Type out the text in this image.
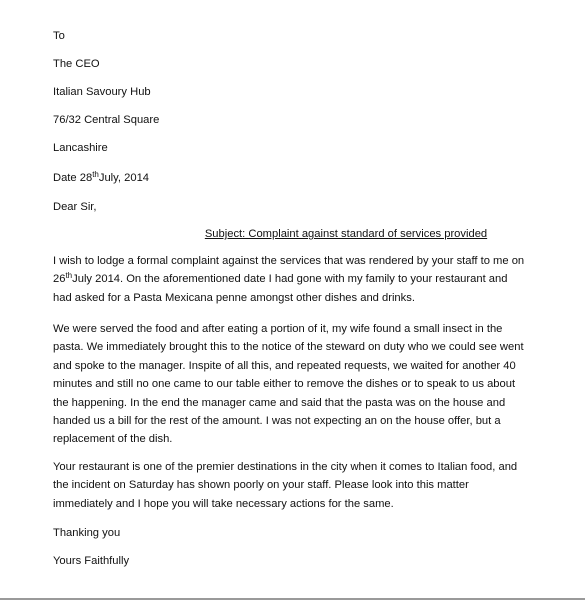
To
The CEO
Italian Savoury Hub
76/32 Central Square
Lancashire
Date 28thJuly, 2014
Dear Sir,
Subject: Complaint against standard of services provided
I wish to lodge a formal complaint against the services that was rendered by your staff to me on
26thJuly 2014. On the aforementioned date I had gone with my family to your restaurant and
had asked for a Pasta Mexicana penne amongst other dishes and drinks.
We were served the food and after eating a portion of it, my wife found a small insect in the
pasta. We immediately brought this to the notice of the steward on duty who we could see went
and spoke to the manager. Inspite of all this, and repeated requests, we waited for another 40
minutes and still no one came to our table either to remove the dishes or to speak to us about
the happening. In the end the manager came and said that the pasta was on the house and
handed us a bill for the rest of the amount. I was not expecting an on the house offer, but a
replacement of the dish.
Your restaurant is one of the premier destinations in the city when it comes to Italian food, and
the incident on Saturday has shown poorly on your staff. Please look into this matter
immediately and I hope you will take necessary actions for the same.
Thanking you
Yours Faithfully
